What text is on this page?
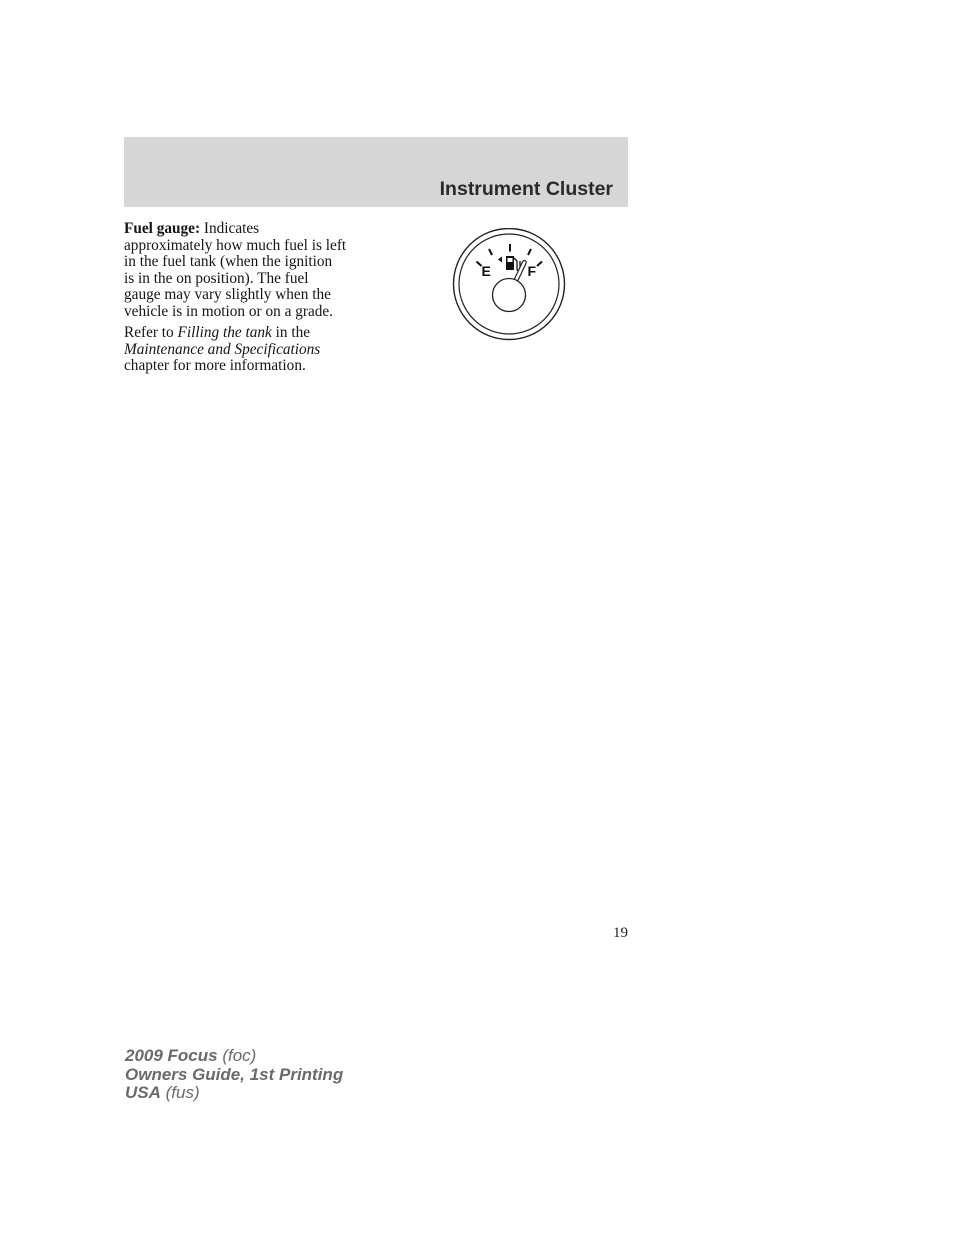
Instrument Cluster

Fuel gauge: Indicates
approximately how much fuel is left
in the fuel tank (when the ignition
is in the on position). The fuel
gauge may vary slightly when the
vehicle is in motion or on a grade.

Refer to Filling the tank in the
Maintenance and Specifications
chapter for more information.

E	F
19
2009 Focus (foc)
Owners Guide, 1st Printing
USA (fus)
